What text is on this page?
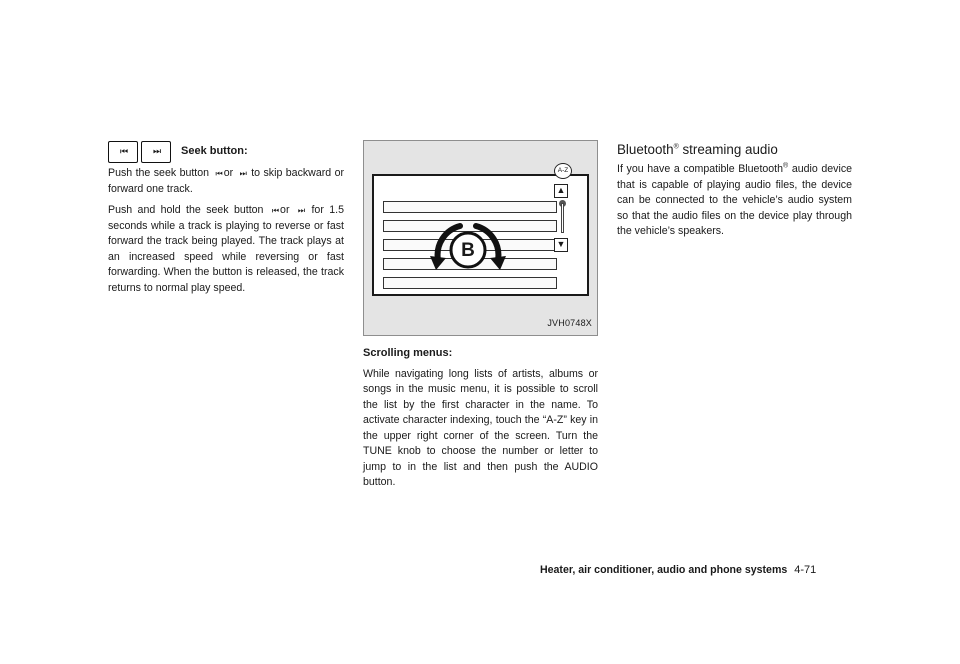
⏮	⏭	Seek button:

Push the seek button ⏮ or ⏭ to skip backward or forward one track.

Push and hold the seek button ⏮ or ⏭ for 1.5 seconds while a track is playing to reverse or fast forward the track being played. The track plays at an increased speed while reversing or fast forwarding. When the button is released, the track returns to normal play speed.

A-Z
▲
▼
B
JVH0748X
Scrolling menus:

While navigating long lists of artists, albums or songs in the music menu, it is possible to scroll the list by the first character in the name. To activate character indexing, touch the “A-Z” key in the upper right corner of the screen. Turn the TUNE knob to choose the number or letter to jump to in the list and then push the AUDIO button.

Bluetooth® streaming audio

If you have a compatible Bluetooth® audio device that is capable of playing audio files, the device can be connected to the vehicle’s audio system so that the audio files on the device play through the vehicle’s speakers.

Heater, air conditioner, audio and phone systems 4-71
